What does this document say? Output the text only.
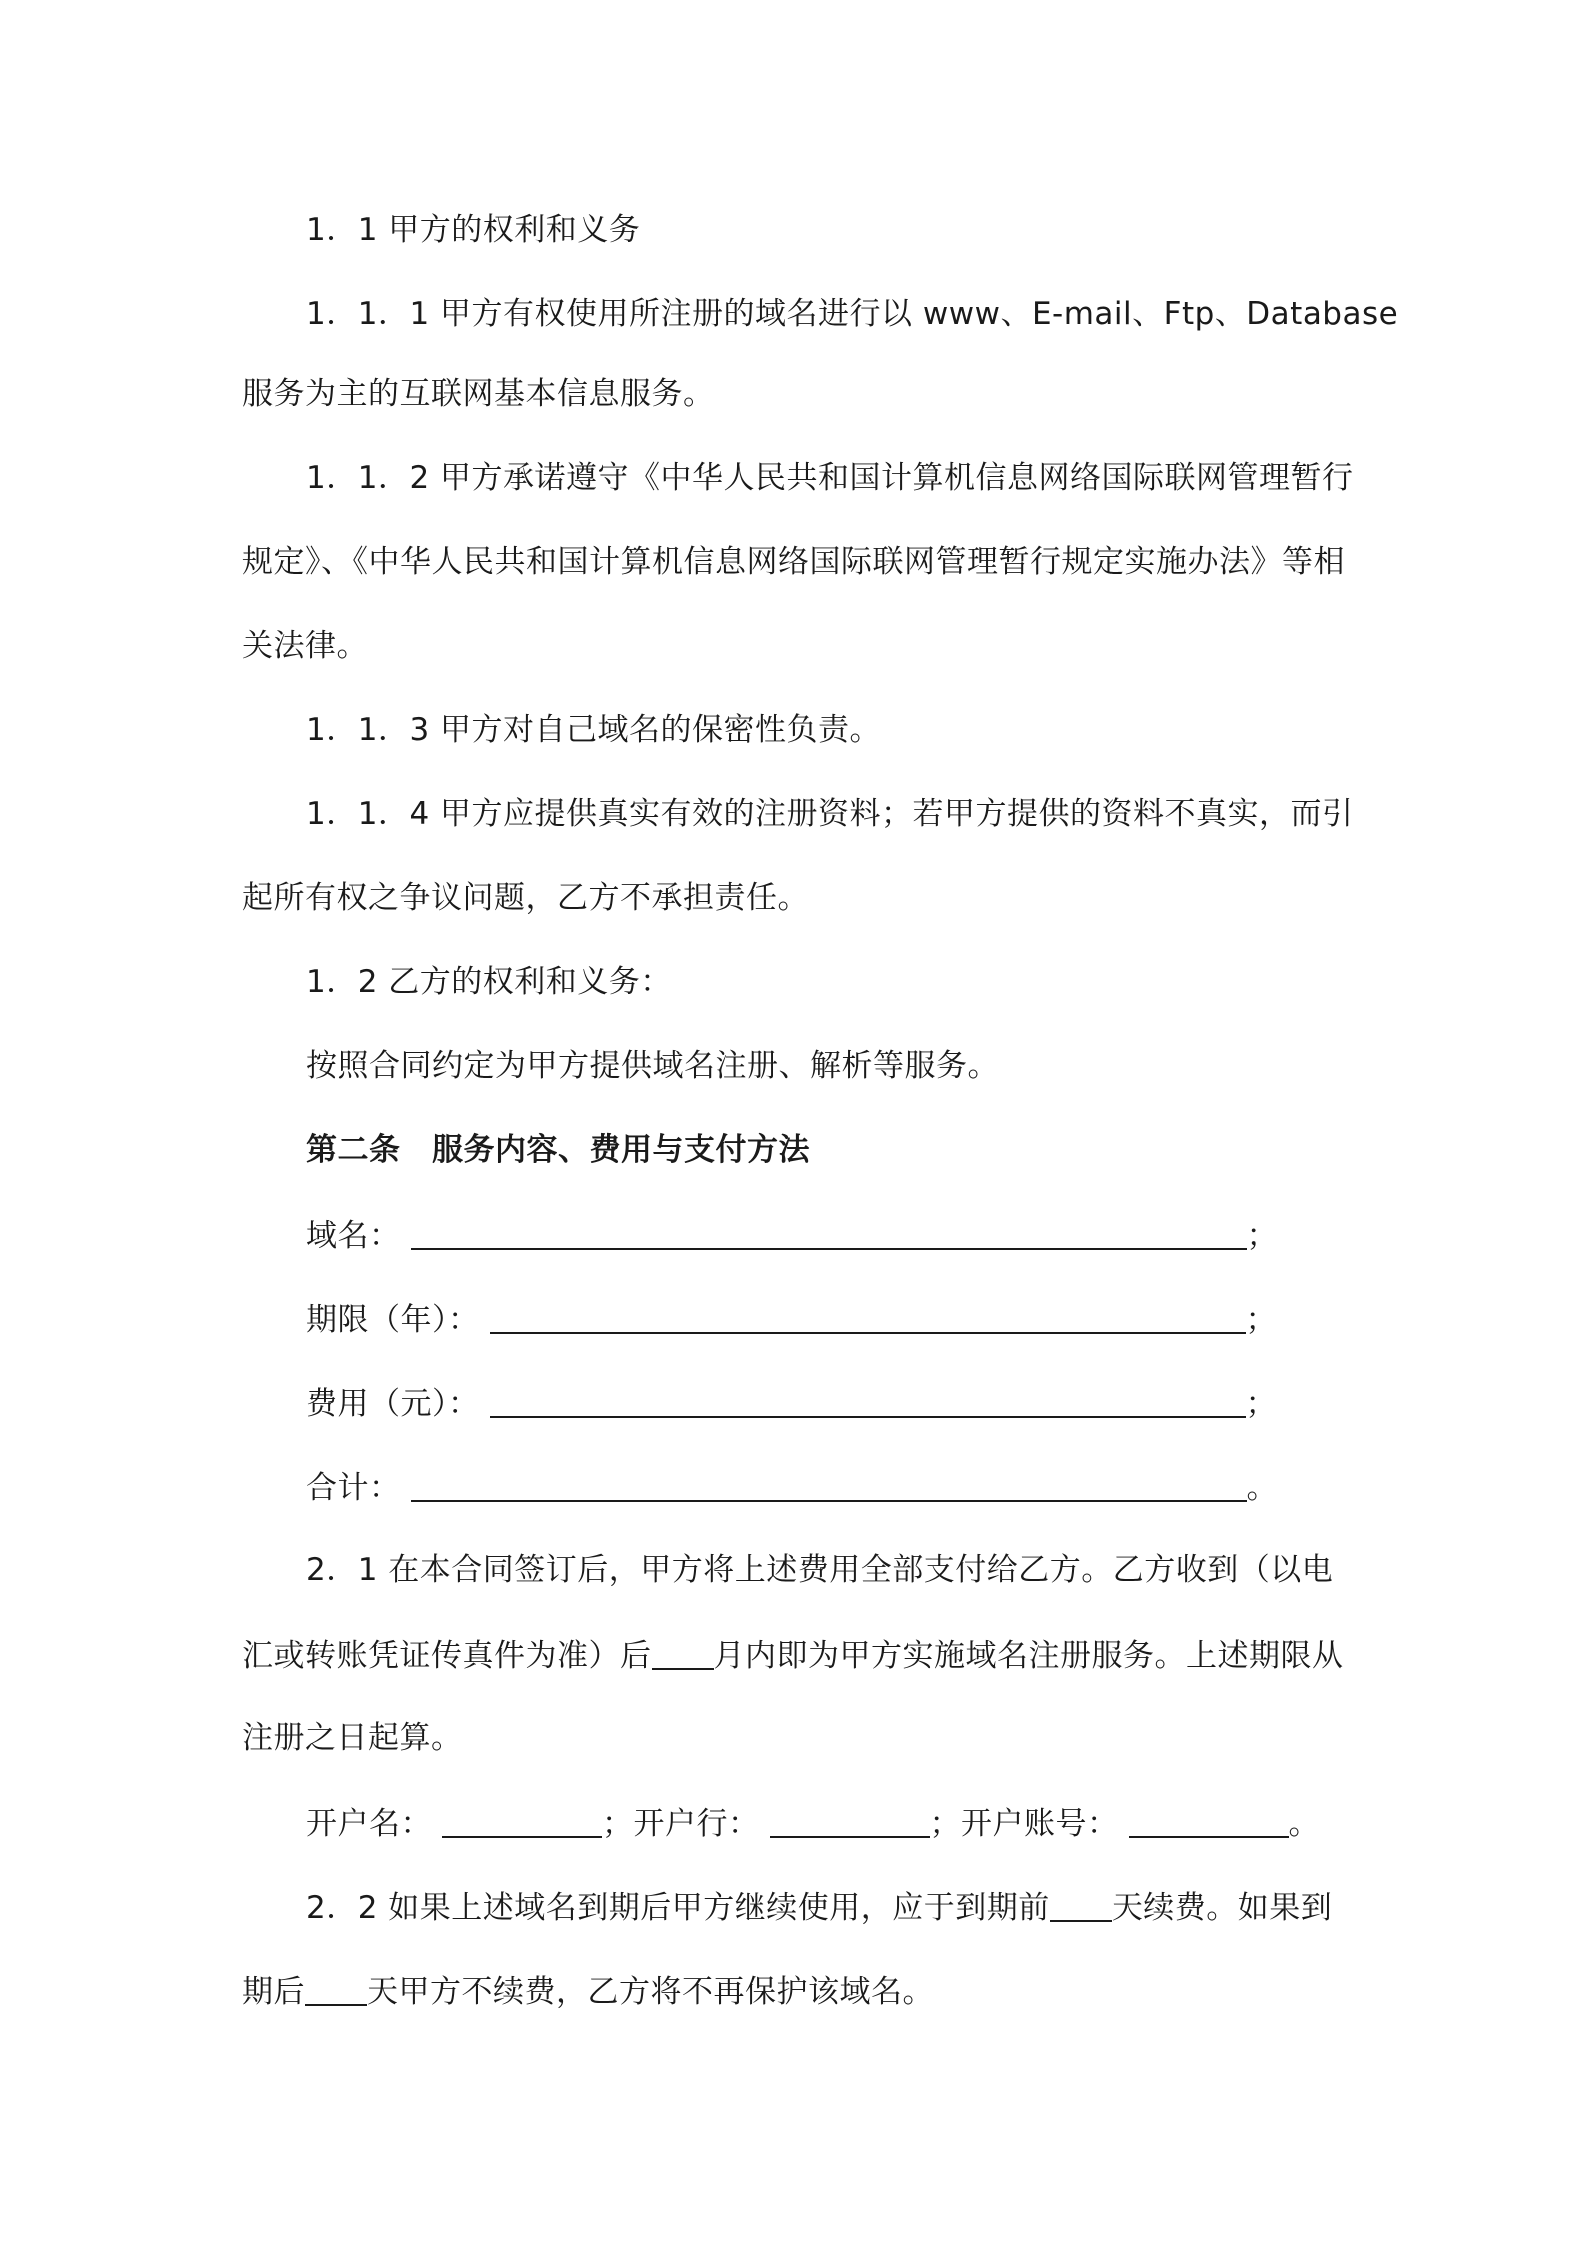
1．1 甲方的权利和义务
1．1．1 甲方有权使用所注册的域名进行以 www、E-mail、Ftp、Database
服务为主的互联网基本信息服务。
1．1．2 甲方承诺遵守《中华人民共和国计算机信息网络国际联网管理暂行
规定》、《中华人民共和国计算机信息网络国际联网管理暂行规定实施办法》等相
关法律。
1．1．3 甲方对自己域名的保密性负责。
1．1．4 甲方应提供真实有效的注册资料；若甲方提供的资料不真实，而引
起所有权之争议问题，乙方不承担责任。
1．2 乙方的权利和义务：
按照合同约定为甲方提供域名注册、解析等服务。
第二条　服务内容、费用与支付方法
域名：	；
期限（年）：	；
费用（元）：	；
合计：	。
2．1 在本合同签订后，甲方将上述费用全部支付给乙方。乙方收到（以电
汇或转账凭证传真件为准）后 月内即为甲方实施域名注册服务。上述期限从
注册之日起算。
开户名：	；开户行：	；开户账号：	。
2．2 如果上述域名到期后甲方继续使用，应于到期前 天续费。如果到
期后 天甲方不续费，乙方将不再保护该域名。
